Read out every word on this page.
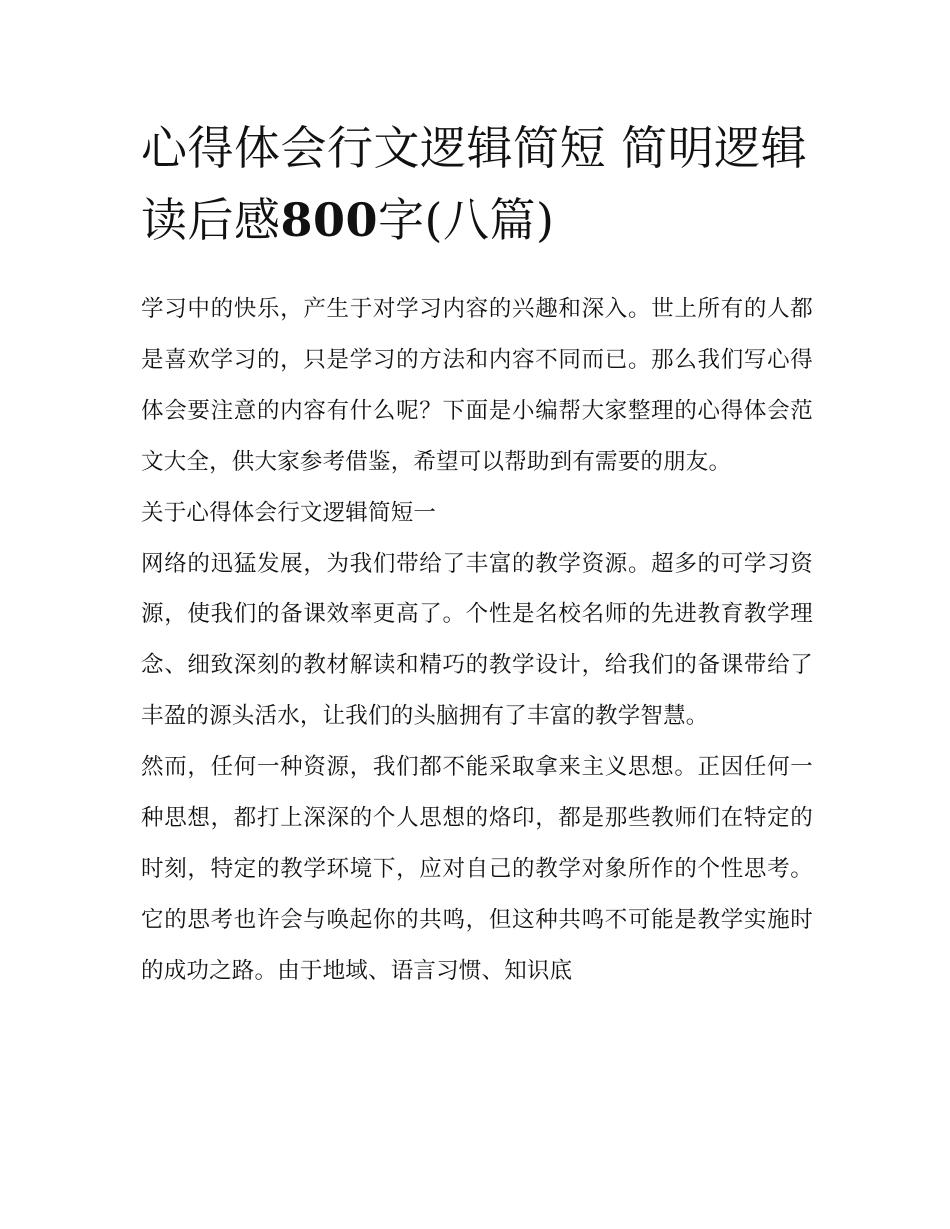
心得体会行文逻辑简短 简明逻辑读后感800字(八篇)

学习中的快乐，产生于对学习内容的兴趣和深入。世上所有的人都是喜欢学习的，只是学习的方法和内容不同而已。那么我们写心得体会要注意的内容有什么呢？下面是小编帮大家整理的心得体会范文大全，供大家参考借鉴，希望可以帮助到有需要的朋友。

关于心得体会行文逻辑简短一

网络的迅猛发展，为我们带给了丰富的教学资源。超多的可学习资源，使我们的备课效率更高了。个性是名校名师的先进教育教学理念、细致深刻的教材解读和精巧的教学设计，给我们的备课带给了丰盈的源头活水，让我们的头脑拥有了丰富的教学智慧。

然而，任何一种资源，我们都不能采取拿来主义思想。正因任何一种思想，都打上深深的个人思想的烙印，都是那些教师们在特定的时刻，特定的教学环境下，应对自己的教学对象所作的个性思考。它的思考也许会与唤起你的共鸣，但这种共鸣不可能是教学实施时的成功之路。由于地域、语言习惯、知识底
